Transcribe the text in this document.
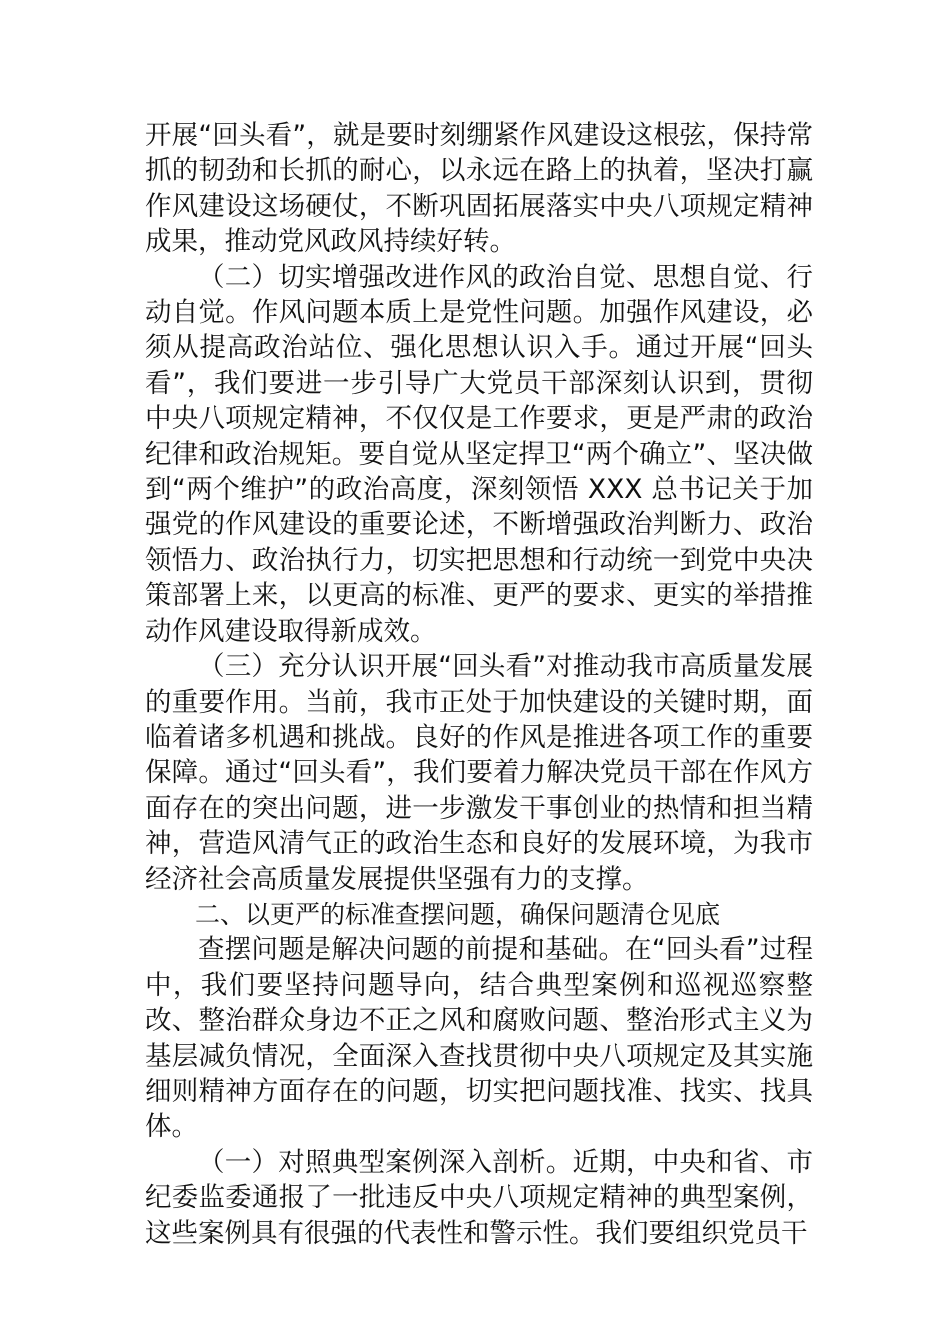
开展“回头看”，就是要时刻绷紧作风建设这根弦，保持常抓的韧劲和长抓的耐心，以永远在路上的执着，坚决打赢作风建设这场硬仗，不断巩固拓展落实中央八项规定精神成果，推动党风政风持续好转。

（二）切实增强改进作风的政治自觉、思想自觉、行动自觉。作风问题本质上是党性问题。加强作风建设，必须从提高政治站位、强化思想认识入手。通过开展“回头看”，我们要进一步引导广大党员干部深刻认识到，贯彻中央八项规定精神，不仅仅是工作要求，更是严肃的政治纪律和政治规矩。要自觉从坚定捍卫“两个确立”、坚决做到“两个维护”的政治高度，深刻领悟 XXX 总书记关于加强党的作风建设的重要论述，不断增强政治判断力、政治领悟力、政治执行力，切实把思想和行动统一到党中央决策部署上来，以更高的标准、更严的要求、更实的举措推动作风建设取得新成效。

（三）充分认识开展“回头看”对推动我市高质量发展的重要作用。当前，我市正处于加快建设的关键时期，面临着诸多机遇和挑战。良好的作风是推进各项工作的重要保障。通过“回头看”，我们要着力解决党员干部在作风方面存在的突出问题，进一步激发干事创业的热情和担当精神，营造风清气正的政治生态和良好的发展环境，为我市经济社会高质量发展提供坚强有力的支撑。

二、以更严的标准查摆问题，确保问题清仓见底

查摆问题是解决问题的前提和基础。在“回头看”过程中，我们要坚持问题导向，结合典型案例和巡视巡察整改、整治群众身边不正之风和腐败问题、整治形式主义为基层减负情况，全面深入查找贯彻中央八项规定及其实施细则精神方面存在的问题，切实把问题找准、找实、找具体。

（一）对照典型案例深入剖析。近期，中央和省、市纪委监委通报了一批违反中央八项规定精神的典型案例，这些案例具有很强的代表性和警示性。我们要组织党员干
